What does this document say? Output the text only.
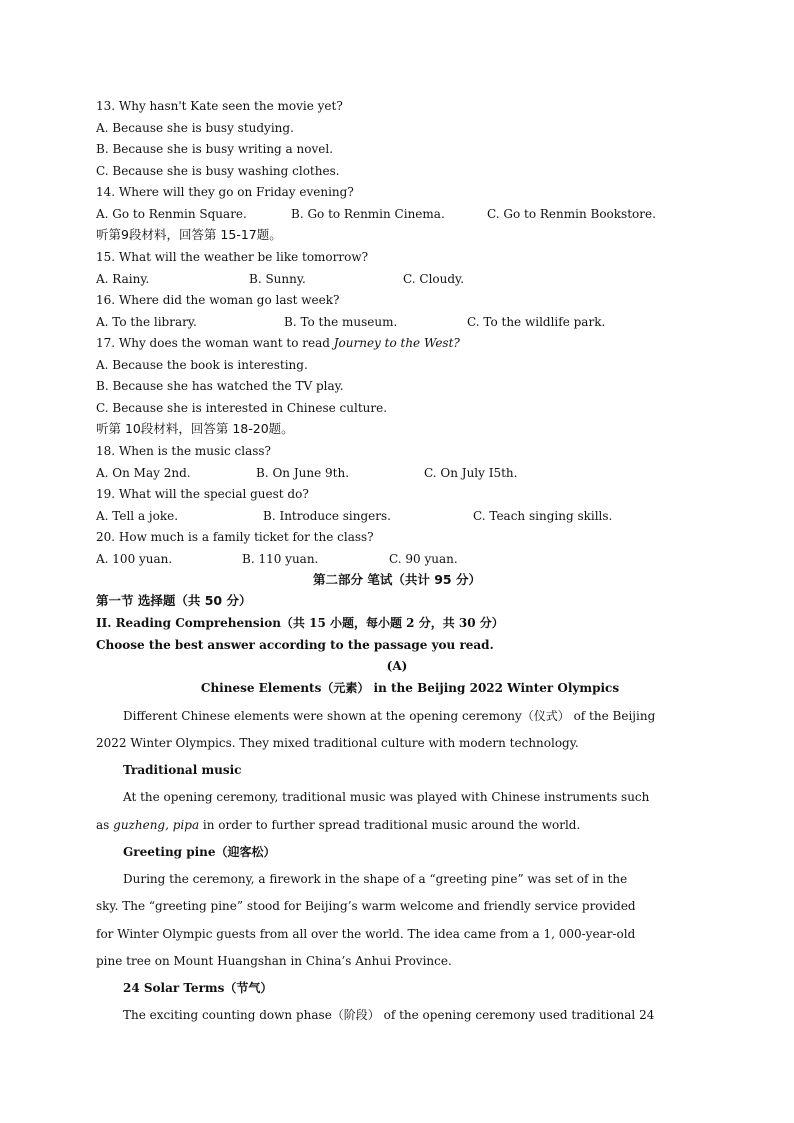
13. Why hasn't Kate seen the movie yet?
A. Because she is busy studying.
B. Because she is busy writing a novel.
C. Because she is busy washing clothes.
14. Where will they go on Friday evening?
A. Go to Renmin Square.	B. Go to Renmin Cinema.	C. Go to Renmin Bookstore.
听第9段材料，回答第 15-17题。
15. What will the weather be like tomorrow?
A. Rainy.	B. Sunny.	C. Cloudy.
16. Where did the woman go last week?
A. To the library.	B. To the museum.	C. To the wildlife park.
17. Why does the woman want to read Journey to the West?
A. Because the book is interesting.
B. Because she has watched the TV play.
C. Because she is interested in Chinese culture.
听第 10段材料，回答第 18-20题。
18. When is the music class?
A. On May 2nd.	B. On June 9th.	C. On July I5th.
19. What will the special guest do?
A. Tell a joke.	B. Introduce singers.	C. Teach singing skills.
20. How much is a family ticket for the class?
A. 100 yuan.	B. 110 yuan.	C. 90 yuan.
第二部分 笔试（共计 95 分）
第一节 选择题（共 50 分）
II. Reading Comprehension（共 15 小题，每小题 2 分，共 30 分）
Choose the best answer according to the passage you read.
(A)
Chinese Elements（元素） in the Beijing 2022 Winter Olympics
Different Chinese elements were shown at the opening ceremony（仪式） of the Beijing
2022 Winter Olympics. They mixed traditional culture with modern technology.
Traditional music
At the opening ceremony, traditional music was played with Chinese instruments such
as guzheng, pipa in order to further spread traditional music around the world.
Greeting pine（迎客松）
During the ceremony, a firework in the shape of a “greeting pine” was set of in the
sky. The “greeting pine” stood for Beijing’s warm welcome and friendly service provided
for Winter Olympic guests from all over the world. The idea came from a 1, 000-year-old
pine tree on Mount Huangshan in China’s Anhui Province.
24 Solar Terms（节气）
The exciting counting down phase（阶段） of the opening ceremony used traditional 24
